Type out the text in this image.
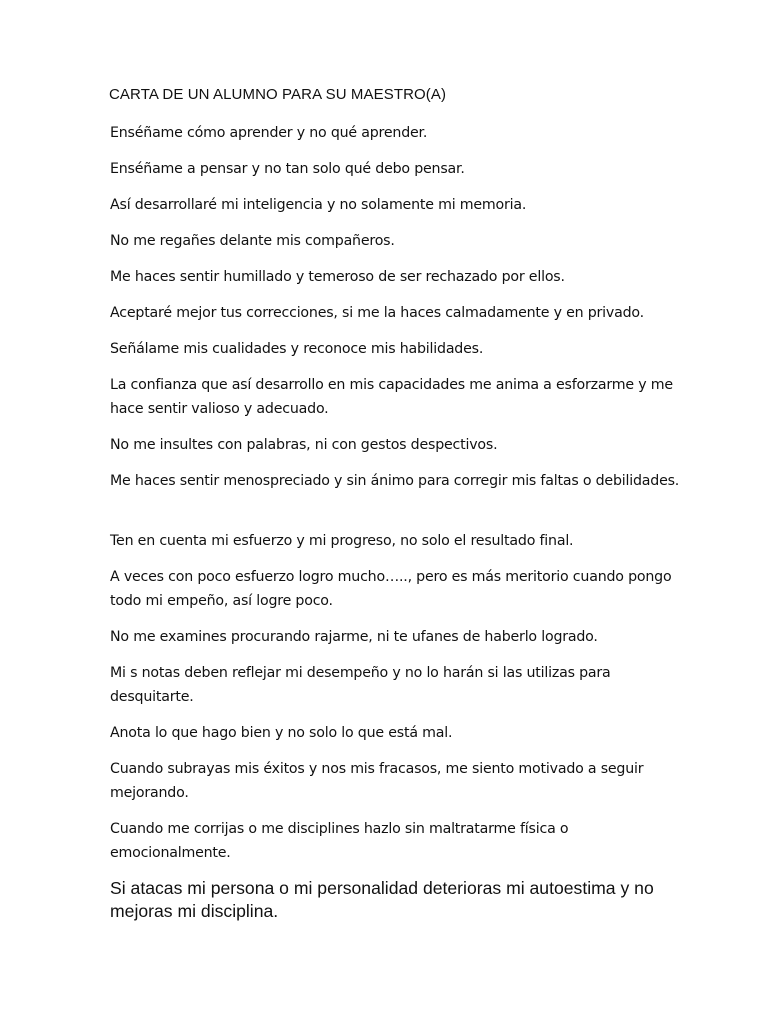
CARTA DE UN ALUMNO PARA SU MAESTRO(A)

Enséñame cómo aprender y no qué aprender.

Enséñame a pensar y no tan solo qué debo pensar.

Así desarrollaré mi inteligencia y no solamente mi memoria.

No me regañes delante mis compañeros.

Me haces sentir humillado y temeroso de ser rechazado por ellos.

Aceptaré mejor tus correcciones, si me la haces calmadamente y en privado.

Señálame mis cualidades y reconoce mis habilidades.

La confianza que así desarrollo en mis capacidades me anima a esforzarme y me hace sentir valioso y adecuado.

No me insultes con palabras, ni con gestos despectivos.

Me haces sentir menospreciado y sin ánimo para corregir mis faltas o debilidades.

Ten en cuenta mi esfuerzo y mi progreso, no solo el resultado final.

A veces con poco esfuerzo logro mucho….., pero es más meritorio cuando pongo todo mi empeño, así logre poco.

No me examines procurando rajarme, ni te ufanes de haberlo logrado.

Mi s notas deben reflejar mi desempeño y no lo harán si las utilizas para desquitarte.

Anota lo que hago bien y no solo lo que está mal.

Cuando subrayas mis éxitos y nos mis fracasos, me siento motivado a seguir mejorando.

Cuando me corrijas o me disciplines hazlo sin maltratarme física o emocionalmente.

Si atacas mi persona o mi personalidad deterioras mi autoestima y no mejoras mi disciplina.
